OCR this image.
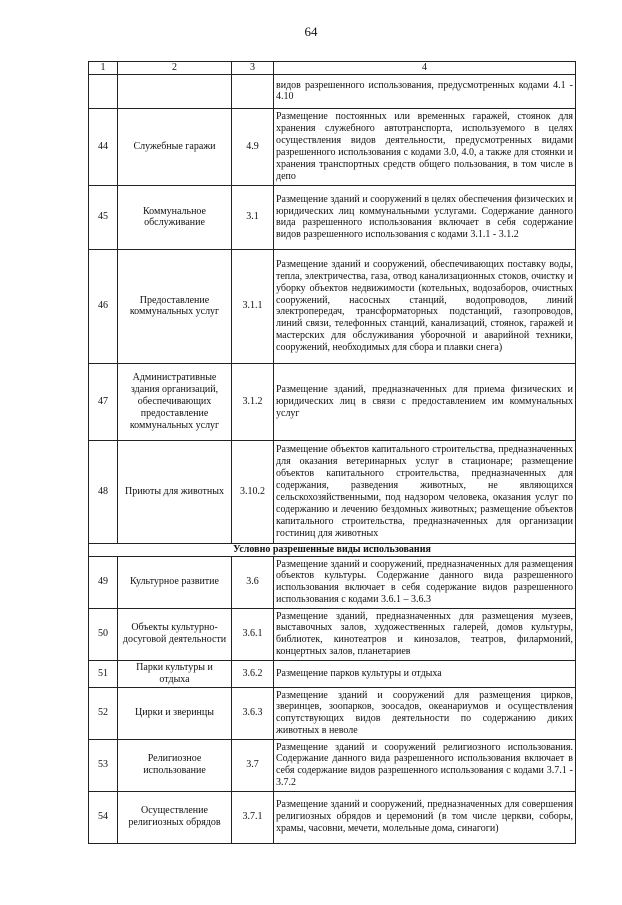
64
1	2	3	4
			видов разрешенного использования, предусмотренных кодами 4.1 - 4.10
44	Служебные гаражи	4.9	Размещение постоянных или временных гаражей, стоянок для хранения служебного автотранспорта, используемого в целях осуществления видов деятельности, предусмотренных видами разрешенного использования с кодами 3.0, 4.0, а также для стоянки и хранения транспортных средств общего пользования, в том числе в депо
45	Коммунальное обслуживание	3.1	Размещение зданий и сооружений в целях обеспечения физических и юридических лиц коммунальными услугами. Содержание данного вида разрешенного использования включает в себя содержание видов разрешенного использования с кодами 3.1.1 - 3.1.2
46	Предоставление коммунальных услуг	3.1.1	Размещение зданий и сооружений, обеспечивающих поставку воды, тепла, электричества, газа, отвод канализационных стоков, очистку и уборку объектов недвижимости (котельных, водозаборов, очистных сооружений, насосных станций, водопроводов, линий электропередач, трансформаторных подстанций, газопроводов, линий связи, телефонных станций, канализаций, стоянок, гаражей и мастерских для обслуживания уборочной и аварийной техники, сооружений, необходимых для сбора и плавки снега)
47	Административные здания организаций, обеспечивающих предоставление коммунальных услуг	3.1.2	Размещение зданий, предназначенных для приема физических и юридических лиц в связи с предоставлением им коммунальных услуг
48	Приюты для животных	3.10.2	Размещение объектов капитального строительства, предназначенных для оказания ветеринарных услуг в стационаре; размещение объектов капитального строительства, предназначенных для содержания, разведения животных, не являющихся сельскохозяйственными, под надзором человека, оказания услуг по содержанию и лечению бездомных животных; размещение объектов капитального строительства, предназначенных для организации гостиниц для животных
Условно разрешенные виды использования			
49	Культурное развитие	3.6	Размещение зданий и сооружений, предназначенных для размещения объектов культуры. Содержание данного вида разрешенного использования включает в себя содержание видов разрешенного использования с кодами 3.6.1 – 3.6.3
50	Объекты культурно-досуговой деятельности	3.6.1	Размещение зданий, предназначенных для размещения музеев, выставочных залов, художественных галерей, домов культуры, библиотек, кинотеатров и кинозалов, театров, филармоний, концертных залов, планетариев
51	Парки культуры и отдыха	3.6.2	Размещение парков культуры и отдыха
52	Цирки и зверинцы	3.6.3	Размещение зданий и сооружений для размещения цирков, зверинцев, зоопарков, зоосадов, океанариумов и осуществления сопутствующих видов деятельности по содержанию диких животных в неволе
53	Религиозное использование	3.7	Размещение зданий и сооружений религиозного использования. Содержание данного вида разрешенного использования включает в себя содержание видов разрешенного использования с кодами 3.7.1 - 3.7.2
54	Осуществление религиозных обрядов	3.7.1	Размещение зданий и сооружений, предназначенных для совершения религиозных обрядов и церемоний (в том числе церкви, соборы, храмы, часовни, мечети, молельные дома, синагоги)
